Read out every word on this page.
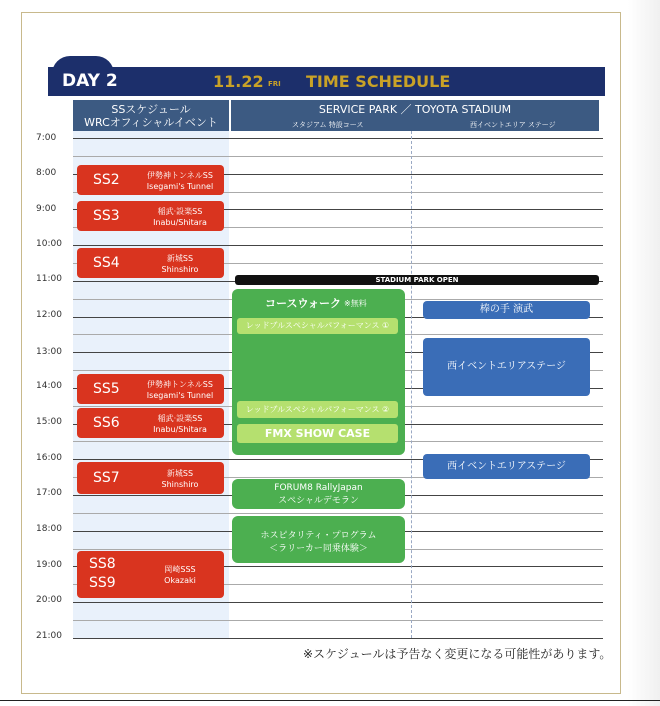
DAY 2	11.22 FRI TIME SCHEDULE
SSスケジュール
WRCオフィシャルイベント
SERVICE PARK ／ TOYOTA STADIUM
スタジアム 特設コース	西イベントエリア ステージ
7:00
8:00
9:00
10:00
11:00
12:00
13:00
14:00
15:00
16:00
17:00
18:00
19:00
20:00
21:00
SS2	伊勢神トンネルSS
Isegami's Tunnel
SS3	稲武·設楽SS
Inabu/Shitara
SS4	新城SS
Shinshiro
SS5	伊勢神トンネルSS
Isegami's Tunnel
SS6	稲武·設楽SS
Inabu/Shitara
SS7	新城SS
Shinshiro
SS8
SS9
岡崎SSS
Okazaki
STADIUM PARK OPEN
コースウォーク ※無料
レッドブルスペシャルパフォーマンス ①
レッドブルスペシャルパフォーマンス ②
FMX SHOW CASE
FORUM8 RallyJapan
スペシャルデモラン
ホスピタリティ・プログラム
＜ラリーカー同乗体験＞
棒の手 演武
西イベントエリアステージ
西イベントエリアステージ
※スケジュールは予告なく変更になる可能性があります。
